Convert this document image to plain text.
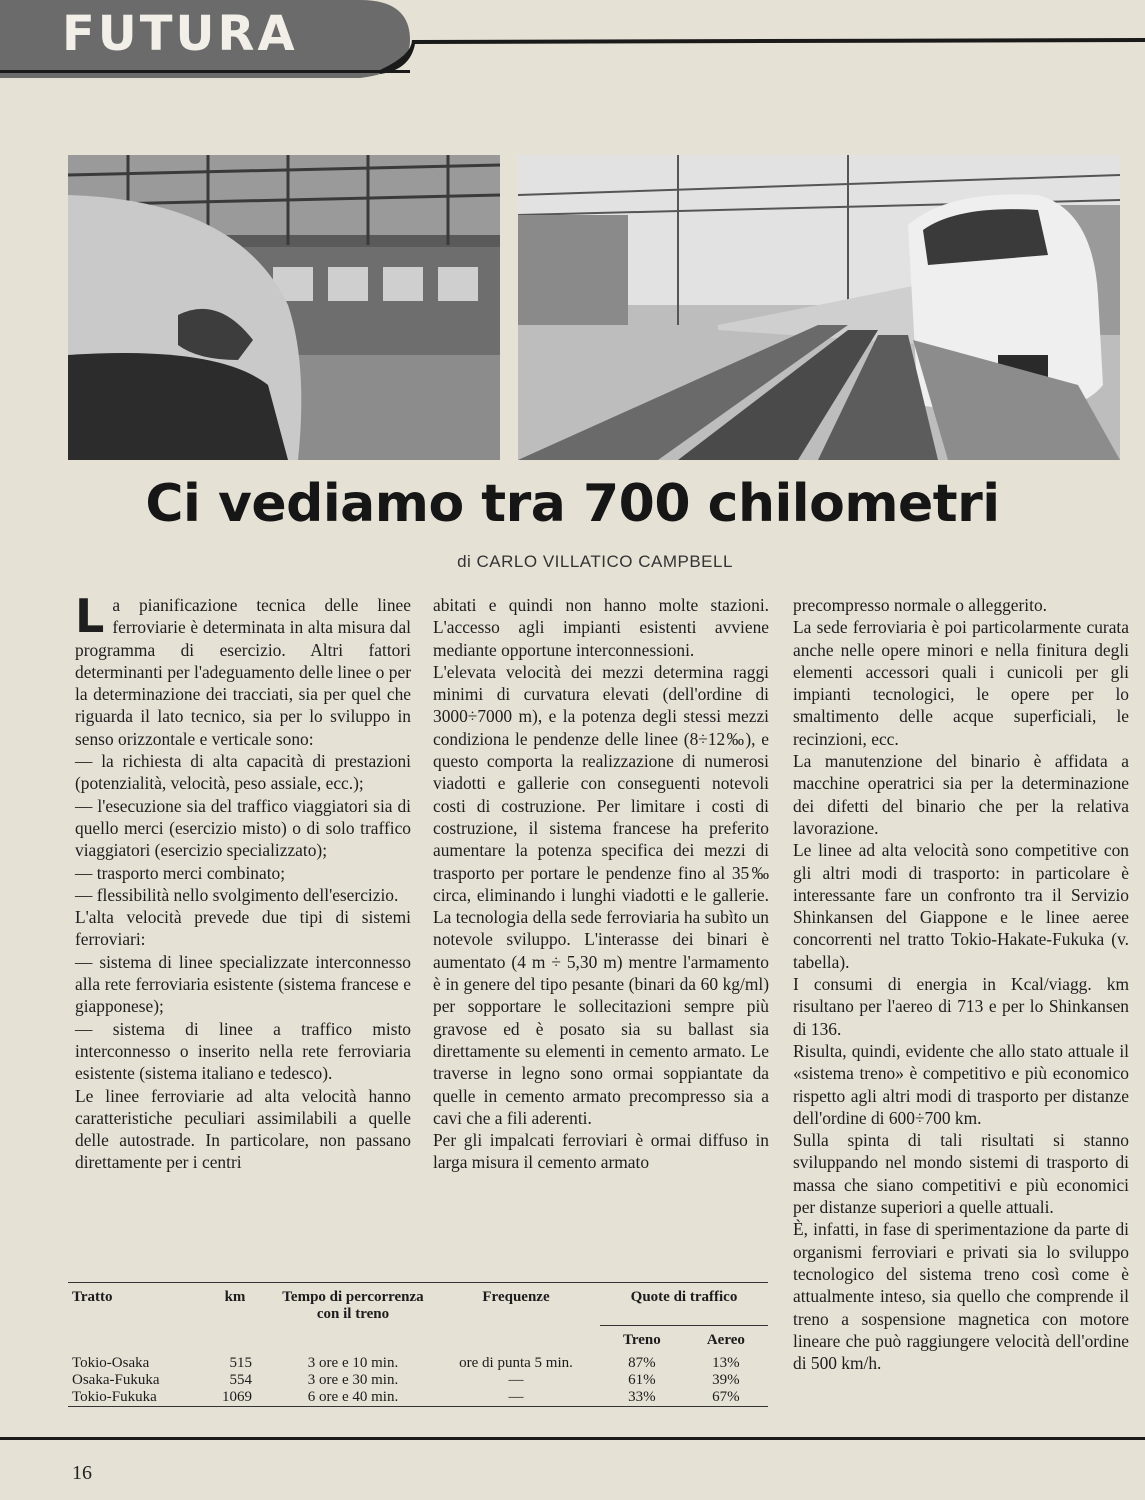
FUTURA
Ci vediamo tra 700 chilometri
di CARLO VILLATICO CAMPBELL

La pianificazione tecnica delle linee ferroviarie è determinata in alta misura dal programma di esercizio. Altri fattori determinanti per l'adeguamento delle linee o per la determinazione dei tracciati, sia per quel che riguarda il lato tecnico, sia per lo sviluppo in senso orizzontale e verticale sono:

— la richiesta di alta capacità di prestazioni (potenzialità, velocità, peso assiale, ecc.);

— l'esecuzione sia del traffico viaggiatori sia di quello merci (esercizio misto) o di solo traffico viaggiatori (esercizio specializzato);

— trasporto merci combinato;

— flessibilità nello svolgimento dell'esercizio.

L'alta velocità prevede due tipi di sistemi ferroviari:

— sistema di linee specializzate interconnesso alla rete ferroviaria esistente (sistema francese e giapponese);

— sistema di linee a traffico misto interconnesso o inserito nella rete ferroviaria esistente (sistema italiano e tedesco).

Le linee ferroviarie ad alta velocità hanno caratteristiche peculiari assimilabili a quelle delle autostrade. In particolare, non passano direttamente per i centri

abitati e quindi non hanno molte stazioni. L'accesso agli impianti esistenti avviene mediante opportune interconnessioni.

L'elevata velocità dei mezzi determina raggi minimi di curvatura elevati (dell'ordine di 3000÷7000 m), e la potenza degli stessi mezzi condiziona le pendenze delle linee (8÷12‰), e questo comporta la realizzazione di numerosi viadotti e gallerie con conseguenti notevoli costi di costruzione. Per limitare i costi di costruzione, il sistema francese ha preferito aumentare la potenza specifica dei mezzi di trasporto per portare le pendenze fino al 35‰ circa, eliminando i lunghi viadotti e le gallerie. La tecnologia della sede ferroviaria ha subìto un notevole sviluppo. L'interasse dei binari è aumentato (4 m ÷ 5,30 m) mentre l'armamento è in genere del tipo pesante (binari da 60 kg/ml) per sopportare le sollecitazioni sempre più gravose ed è posato sia su ballast sia direttamente su elementi in cemento armato. Le traverse in legno sono ormai soppiantate da quelle in cemento armato precompresso sia a cavi che a fili aderenti.

Per gli impalcati ferroviari è ormai diffuso in larga misura il cemento armato

precompresso normale o alleggerito.

La sede ferroviaria è poi particolarmente curata anche nelle opere minori e nella finitura degli elementi accessori quali i cunicoli per gli impianti tecnologici, le opere per lo smaltimento delle acque superficiali, le recinzioni, ecc.

La manutenzione del binario è affidata a macchine operatrici sia per la determinazione dei difetti del binario che per la relativa lavorazione.

Le linee ad alta velocità sono competitive con gli altri modi di trasporto: in particolare è interessante fare un confronto tra il Servizio Shinkansen del Giappone e le linee aeree concorrenti nel tratto Tokio-Hakate-Fukuka (v. tabella).

I consumi di energia in Kcal/viagg. km risultano per l'aereo di 713 e per lo Shinkansen di 136.

Risulta, quindi, evidente che allo stato attuale il «sistema treno» è competitivo e più economico rispetto agli altri modi di trasporto per distanze dell'ordine di 600÷700 km.

Sulla spinta di tali risultati si stanno sviluppando nel mondo sistemi di trasporto di massa che siano competitivi e più economici per distanze superiori a quelle attuali.

È, infatti, in fase di sperimentazione da parte di organismi ferroviari e privati sia lo sviluppo tecnologico del sistema treno così come è attualmente inteso, sia quello che comprende il treno a sospensione magnetica con motore lineare che può raggiungere velocità dell'ordine di 500 km/h.

Tratto	km	Tempo di percorrenza con il treno	Frequenze	Quote di traffico	
				Treno	Aereo
Tokio-Osaka	515	3 ore e 10 min.	ore di punta 5 min.	87%	13%
Osaka-Fukuka	554	3 ore e 30 min.	—	61%	39%
Tokio-Fukuka	1069	6 ore e 40 min.	—	33%	67%
16
